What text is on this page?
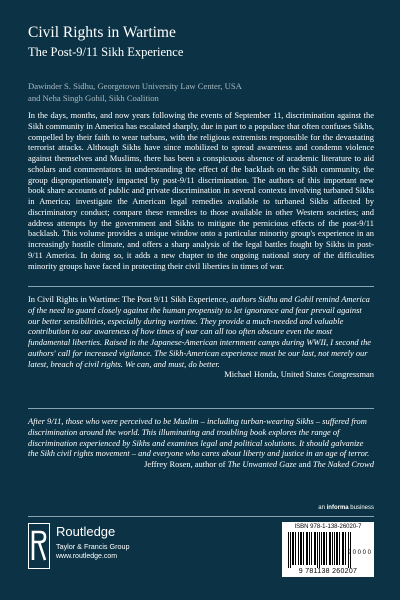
Civil Rights in Wartime
The Post-9/11 Sikh Experience
Dawinder S. Sidhu, Georgetown University Law Center, USA
and Neha Singh Gohil, Sikh Coalition

In the days, months, and now years following the events of September 11, discrimination against the Sikh community in America has escalated sharply, due in part to a populace that often confuses Sikhs, compelled by their faith to wear turbans, with the religious extremists responsible for the devastating terrorist attacks. Although Sikhs have since mobilized to spread awareness and condemn violence against themselves and Muslims, there has been a conspicuous absence of academic literature to aid scholars and commentators in understanding the effect of the backlash on the Sikh community, the group disproportionately impacted by post-9/11 discrimination. The authors of this important new book share accounts of public and private discrimination in several contexts involving turbaned Sikhs in America; investigate the American legal remedies available to turbaned Sikhs affected by discriminatory conduct; compare these remedies to those available in other Western societies; and address attempts by the government and Sikhs to mitigate the pernicious effects of the post-9/11 backlash. This volume provides a unique window onto a particular minority group's experience in an increasingly hostile climate, and offers a sharp analysis of the legal battles fought by Sikhs in post-9/11 America. In doing so, it adds a new chapter to the ongoing national story of the difficulties minority groups have faced in protecting their civil liberties in times of war.

In Civil Rights in Wartime: The Post 9/11 Sikh Experience, authors Sidhu and Gohil remind America of the need to guard closely against the human propensity to let ignorance and fear prevail against our better sensibilities, especially during wartime. They provide a much-needed and valuable contribution to our awareness of how times of war can all too often obscure even the most fundamental liberties. Raised in the Japanese-American internment camps during WWII, I second the authors' call for increased vigilance. The Sikh-American experience must be our last, not merely our latest, breach of civil rights. We can, and must, do better.

Michael Honda, United States Congressman

After 9/11, those who were perceived to be Muslim – including turban-wearing Sikhs – suffered from discrimination around the world. This illuminating and troubling book explores the range of discrimination experienced by Sikhs and examines legal and political solutions. It should galvanize the Sikh civil rights movement – and everyone who cares about liberty and justice in an age of terror.

Jeffrey Rosen, author of The Unwanted Gaze and The Naked Crowd

an informa business
Routledge
Taylor & Francis Group
www.routledge.com
ISBN 978-1-138-26020-7
9 0 0 0 0
9 781138 260207
